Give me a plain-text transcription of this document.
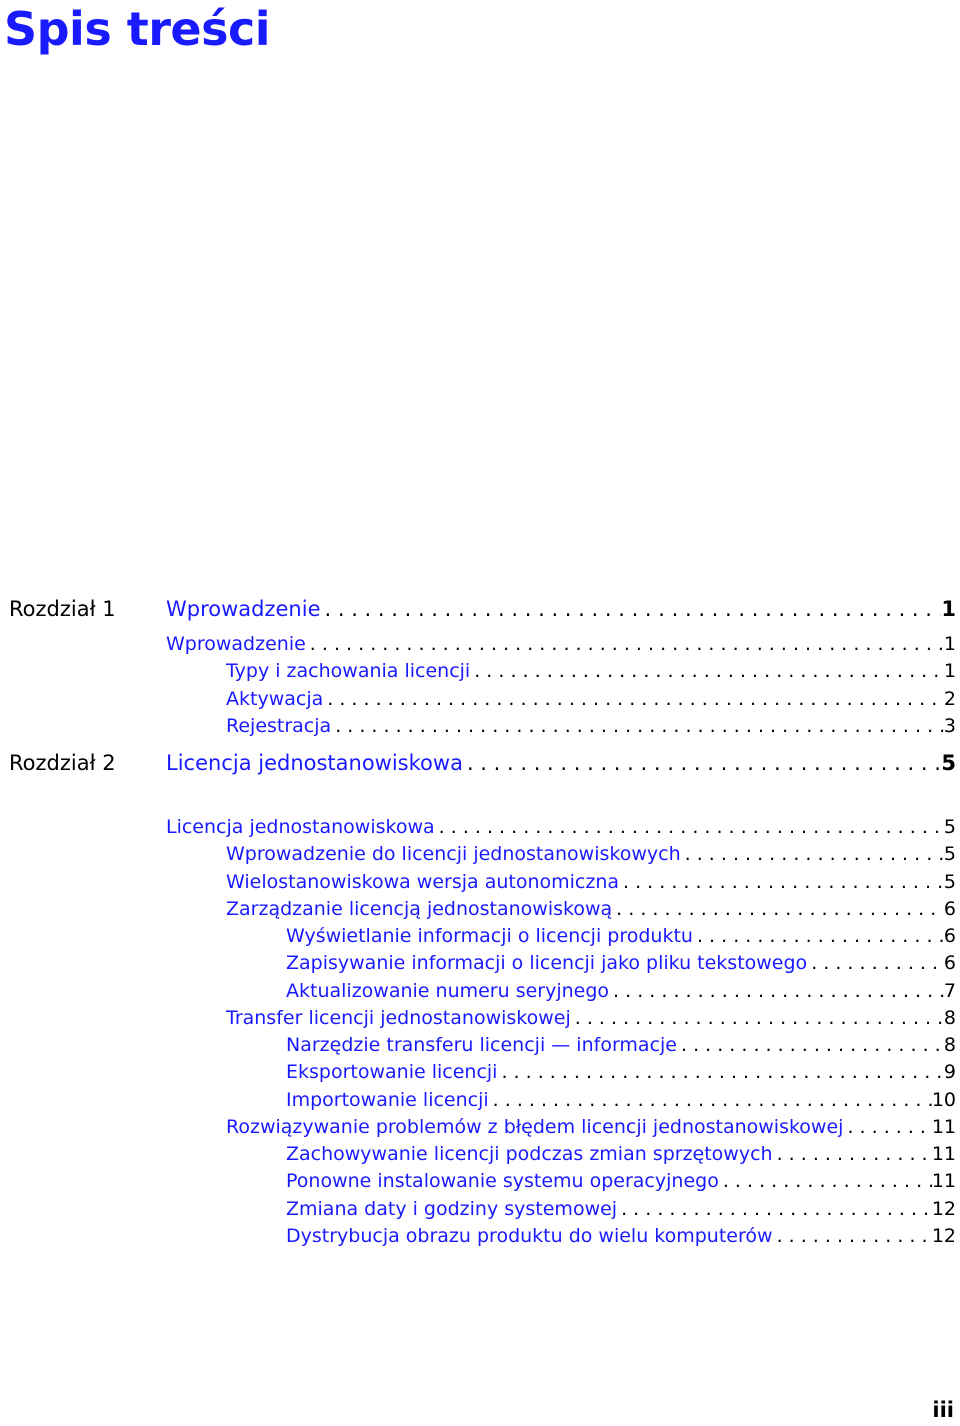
Spis treści
Rozdział 1 Wprowadzenie . . .	1
Wprowadzenie . . .	1
Typy i zachowania licencji . . .	1
Aktywacja . . .	2
Rejestracja . . .	3
Rozdział 2 Licencja jednostanowiskowa . . .	5
Licencja jednostanowiskowa . . .	5
Wprowadzenie do licencji jednostanowiskowych . . .	5
Wielostanowiskowa wersja autonomiczna . . .	5
Zarządzanie licencją jednostanowiskową . . .	6
Wyświetlanie informacji o licencji produktu . . .	6
Zapisywanie informacji o licencji jako pliku tekstowego . . .	6
Aktualizowanie numeru seryjnego . . .	7
Transfer licencji jednostanowiskowej . . .	8
Narzędzie transferu licencji — informacje . . .	8
Eksportowanie licencji . . .	9
Importowanie licencji . . .	10
Rozwiązywanie problemów z błędem licencji jednostanowiskowej . . .	11
Zachowywanie licencji podczas zmian sprzętowych . . .	11
Ponowne instalowanie systemu operacyjnego . . .	11
Zmiana daty i godziny systemowej . . .	12
Dystrybucja obrazu produktu do wielu komputerów . . .	12
iii
